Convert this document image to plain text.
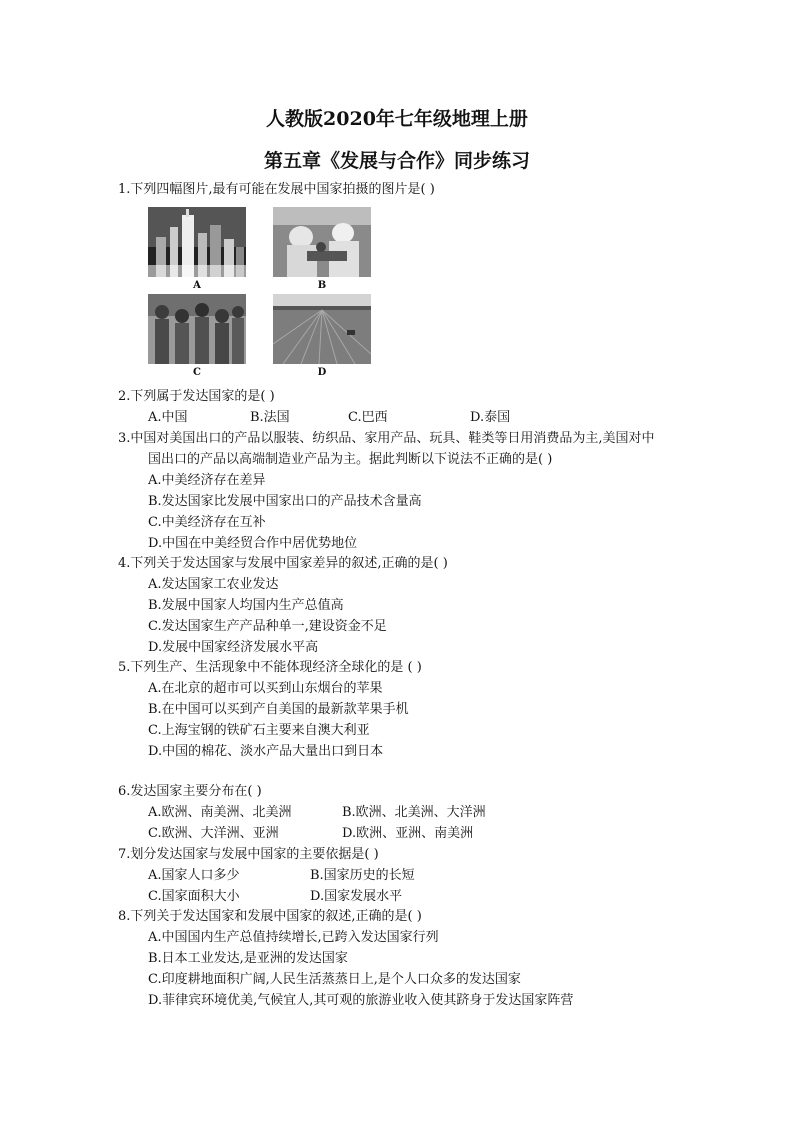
人教版2020年七年级地理上册
第五章《发展与合作》同步练习
1.下列四幅图片,最有可能在发展中国家拍摄的图片是( )
A	B
C	D
2.下列属于发达国家的是( )
A.中国	B.法国	C.巴西	D.泰国
3.中国对美国出口的产品以服装、纺织品、家用产品、玩具、鞋类等日用消费品为主,美国对中
国出口的产品以高端制造业产品为主。据此判断以下说法不正确的是( )
A.中美经济存在差异
B.发达国家比发展中国家出口的产品技术含量高
C.中美经济存在互补
D.中国在中美经贸合作中居优势地位
4.下列关于发达国家与发展中国家差异的叙述,正确的是( )
A.发达国家工农业发达
B.发展中国家人均国内生产总值高
C.发达国家生产产品种单一,建设资金不足
D.发展中国家经济发展水平高
5.下列生产、生活现象中不能体现经济全球化的是 ( )
A.在北京的超市可以买到山东烟台的苹果
B.在中国可以买到产自美国的最新款苹果手机
C.上海宝钢的铁矿石主要来自澳大利亚
D.中国的棉花、淡水产品大量出口到日本
6.发达国家主要分布在( )
A.欧洲、南美洲、北美洲	B.欧洲、北美洲、大洋洲
C.欧洲、大洋洲、亚洲	D.欧洲、亚洲、南美洲
7.划分发达国家与发展中国家的主要依据是( )
A.国家人口多少	B.国家历史的长短
C.国家面积大小	D.国家发展水平
8.下列关于发达国家和发展中国家的叙述,正确的是( )
A.中国国内生产总值持续增长,已跨入发达国家行列
B.日本工业发达,是亚洲的发达国家
C.印度耕地面积广阔,人民生活蒸蒸日上,是个人口众多的发达国家
D.菲律宾环境优美,气候宜人,其可观的旅游业收入使其跻身于发达国家阵营
